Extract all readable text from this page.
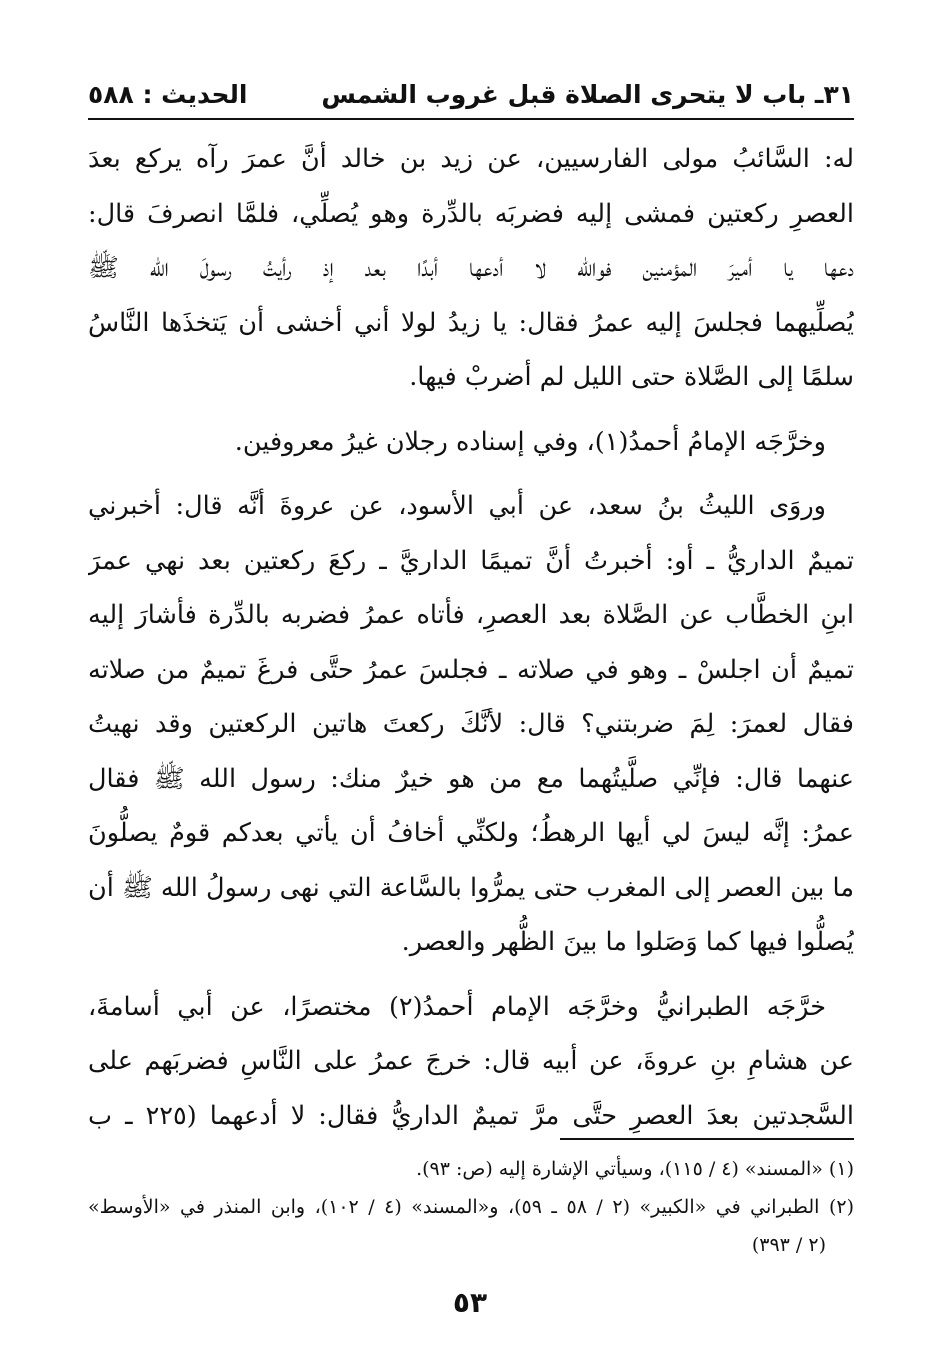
٣١ـ باب لا يتحرى الصلاة قبل غروب الشمس
الحديث : ٥٨٨
له: السَّائبُ مولى الفارسيين، عن زيد بن خالد أنَّ عمرَ رآه يركع بعدَ
العصرِ ركعتين فمشى إليه فضربَه بالدِّرة وهو يُصلِّي، فلمَّا انصرفَ قال:
دعها يا أميرَ المؤمنين فوالله لا أدعها أبدًا بعد إذ رأيتُ رسولَ الله ﷺ
يُصلِّيهما فجلسَ إليه عمرُ فقال: يا زيدُ لولا أني أخشى أن يَتخذَها النَّاسُ
سلمًا إلى الصَّلاة حتى الليل لم أضربْ فيها.
وخرَّجَه الإمامُ أحمدُ(١)، وفي إسناده رجلان غيرُ معروفين.
وروَى الليثُ بنُ سعد، عن أبي الأسود، عن عروةَ أنَّه قال: أخبرني
تميمٌ الداريُّ ـ أو: أخبرتُ أنَّ تميمًا الداريَّ ـ ركعَ ركعتين بعد نهي عمرَ
ابنِ الخطَّاب عن الصَّلاة بعد العصرِ، فأتاه عمرُ فضربه بالدِّرة فأشارَ إليه
تميمٌ أن اجلسْ ـ وهو في صلاته ـ فجلسَ عمرُ حتَّى فرغَ تميمٌ من صلاته
فقال لعمرَ: لِمَ ضربتني؟ قال: لأنَّكَ ركعتَ هاتين الركعتين وقد نهيتُ
عنهما قال: فإنِّي صلَّيتُهما مع من هو خيرٌ منك: رسول الله ﷺ فقال
عمرُ: إنَّه ليسَ لي أيها الرهطُ؛ ولكنِّي أخافُ أن يأتي بعدكم قومٌ يصلُّونَ
ما بين العصر إلى المغرب حتى يمرُّوا بالسَّاعة التي نهى رسولُ الله ﷺ أن
يُصلُّوا فيها كما وَصَلوا ما بينَ الظُّهر والعصر.
خرَّجَه الطبرانيُّ وخرَّجَه الإمام أحمدُ(٢) مختصرًا، عن أبي أسامةَ،
عن هشامِ بنِ عروةَ، عن أبيه قال: خرجَ عمرُ على النَّاسِ فضربَهم على
السَّجدتين بعدَ العصرِ حتَّى مرَّ تميمٌ الداريُّ فقال: لا أدعهما (٢٢٥ ـ ب
(١) «المسند» (٤ / ١١٥)، وسيأتي الإشارة إليه (ص: ٩٣).
(٢) الطبراني في «الكبير» (٢ / ٥٨ ـ ٥٩)، و«المسند» (٤ / ١٠٢)، وابن المنذر في «الأوسط»
(٢ / ٣٩٣)
٥٣
